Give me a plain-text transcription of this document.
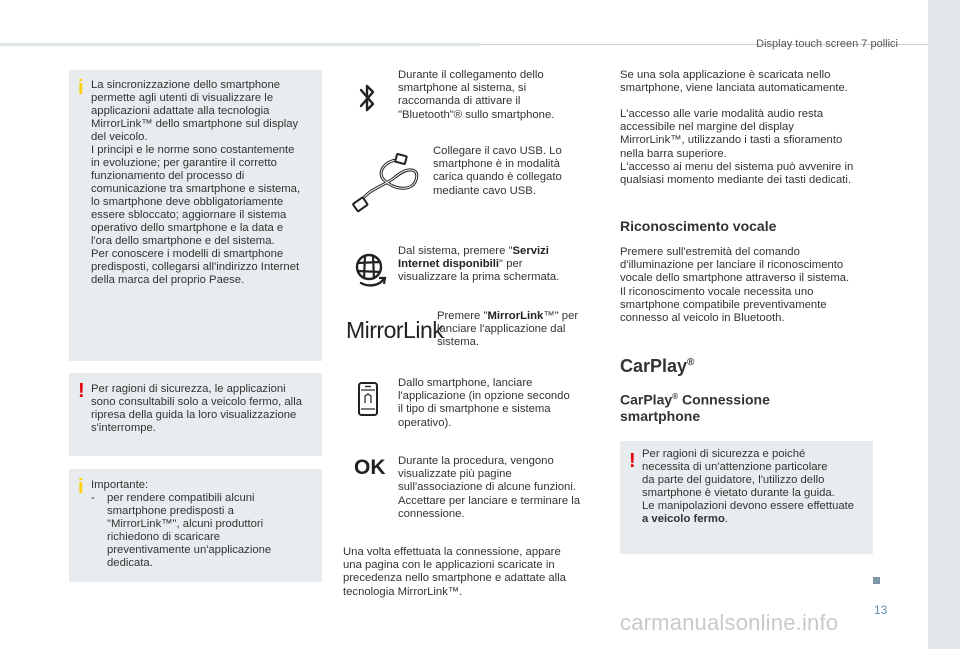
Display touch screen 7 pollici
13
carmanualsonline.info
i La sincronizzazione dello smartphone
permette agli utenti di visualizzare le
applicazioni adattate alla tecnologia
MirrorLink™ dello smartphone sul display
del veicolo.
I principi e le norme sono costantemente
in evoluzione; per garantire il corretto
funzionamento del processo di
comunicazione tra smartphone e sistema,
lo smartphone deve obbligatoriamente
essere sbloccato; aggiornare il sistema
operativo dello smartphone e la data e
l'ora dello smartphone e del sistema.
Per conoscere i modelli di smartphone
predisposti, collegarsi all'indirizzo Internet
della marca del proprio Paese.
! Per ragioni di sicurezza, le applicazioni
sono consultabili solo a veicolo fermo, alla
ripresa della guida la loro visualizzazione
s'interrompe.
i Importante:
-	per rendere compatibili alcuni
smartphone predisposti a
"MirrorLink™", alcuni produttori
richiedono di scaricare
preventivamente un'applicazione
dedicata.
Durante il collegamento dello
smartphone al sistema, si
raccomanda di attivare il
"Bluetooth"® sullo smartphone.
Collegare il cavo USB. Lo
smartphone è in modalità
carica quando è collegato
mediante cavo USB.
Dal sistema, premere "Servizi
Internet disponibili" per
visualizzare la prima schermata.
MirrorLink
Premere "MirrorLink™" per
lanciare l'applicazione dal
sistema.
Dallo smartphone, lanciare
l'applicazione (in opzione secondo
il tipo di smartphone e sistema
operativo).
OK Durante la procedura, vengono
visualizzate più pagine
sull'associazione di alcune funzioni.
Accettare per lanciare e terminare la
connessione.
Una volta effettuata la connessione, appare
una pagina con le applicazioni scaricate in
precedenza nello smartphone e adattate alla
tecnologia MirrorLink™.
Se una sola applicazione è scaricata nello
smartphone, viene lanciata automaticamente.
L'accesso alle varie modalità audio resta
accessibile nel margine del display
MirrorLink™, utilizzando i tasti a sfioramento
nella barra superiore.
L'accesso ai menu del sistema può avvenire in
qualsiasi momento mediante dei tasti dedicati.
Riconoscimento vocale
Premere sull'estremità del comando
d'illuminazione per lanciare il riconoscimento
vocale dello smartphone attraverso il sistema.
Il riconoscimento vocale necessita uno
smartphone compatibile preventivamente
connesso al veicolo in Bluetooth.
CarPlay®
CarPlay® Connessione
smartphone
! Per ragioni di sicurezza e poiché
necessita di un'attenzione particolare
da parte del guidatore, l'utilizzo dello
smartphone è vietato durante la guida.
Le manipolazioni devono essere effettuate
a veicolo fermo.
